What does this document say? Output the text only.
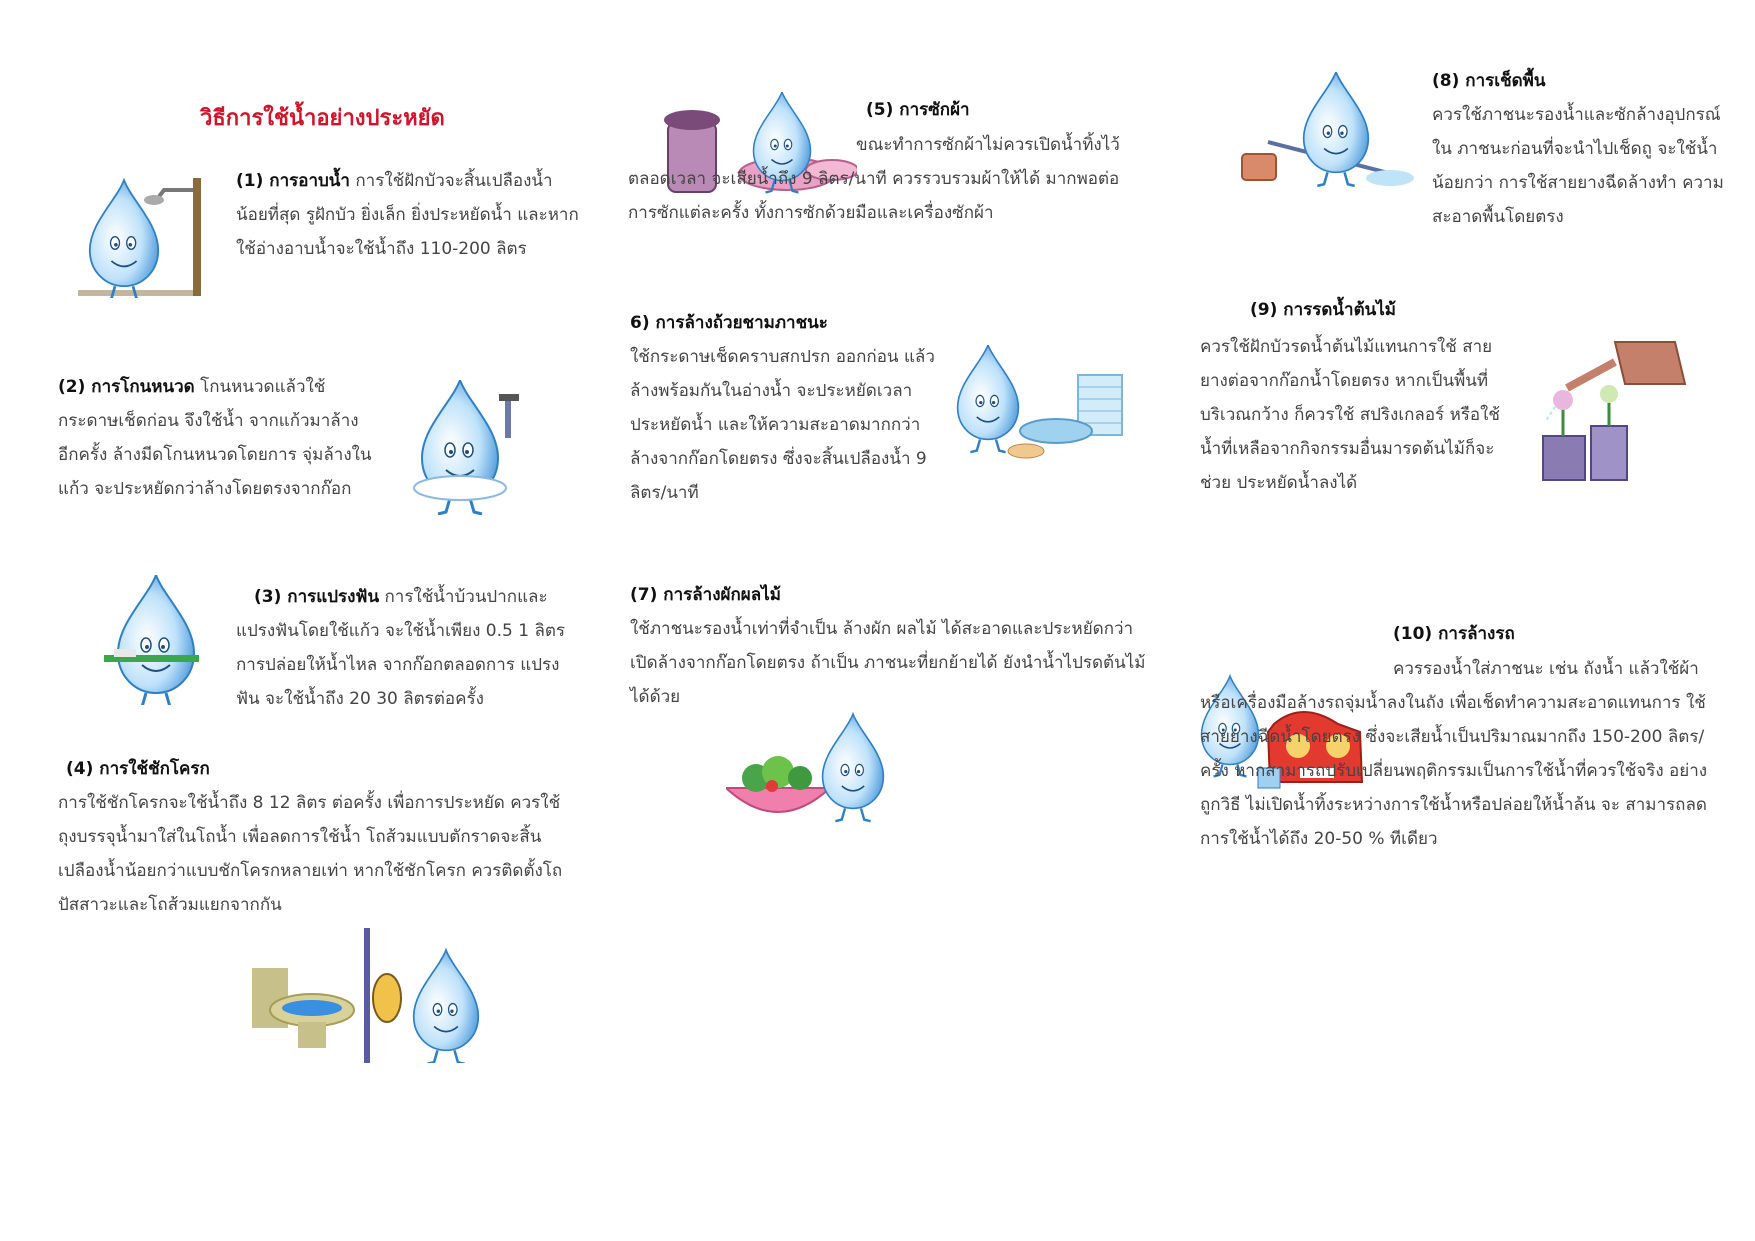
วิธีการใช้น้ำอย่างประหยัด
(1) การอาบน้ำ การใช้ฝักบัวจะสิ้นเปลืองน้ำน้อยที่สุด รูฝักบัว ยิ่งเล็ก ยิ่งประหยัดน้ำ และหากใช้อ่างอาบน้ำจะใช้น้ำถึง 110-200 ลิตร
(2) การโกนหนวด โกนหนวดแล้วใช้กระดาษเช็ดก่อน จึงใช้น้ำ จากแก้วมาล้างอีกครั้ง ล้างมีดโกนหนวดโดยการ จุ่มล้างในแก้ว จะประหยัดกว่าล้างโดยตรงจากก๊อก
(3) การแปรงฟัน การใช้น้ำบ้วนปากและแปรงฟันโดยใช้แก้ว จะใช้น้ำเพียง 0.5 1 ลิตร การปล่อยให้น้ำไหล จากก๊อกตลอดการ แปรงฟัน จะใช้น้ำถึง 20 30 ลิตรต่อครั้ง
(4) การใช้ชักโครก
การใช้ชักโครกจะใช้น้ำถึง 8 12 ลิตร ต่อครั้ง เพื่อการประหยัด ควรใช้ถุงบรรจุน้ำมาใส่ในโถน้ำ เพื่อลดการใช้น้ำ โถส้วมแบบตักราดจะสิ้นเปลืองน้ำน้อยกว่าแบบชักโครกหลายเท่า หากใช้ชักโครก ควรติดตั้งโถปัสสาวะและโถส้วมแยกจากกัน
(5) การซักผ้า
ขณะทำการซักผ้าไม่ควรเปิดน้ำทิ้งไว้ตลอดเวลา จะเสียน้ำถึง 9 ลิตร/นาที ควรรวบรวมผ้าให้ได้ มากพอต่อการซักแต่ละครั้ง ทั้งการซักด้วยมือและเครื่องซักผ้า
6) การล้างถ้วยชามภาชนะ
ใช้กระดาษเช็ดคราบสกปรก ออกก่อน แล้วล้างพร้อมกันในอ่างน้ำ จะประหยัดเวลา ประหยัดน้ำ และให้ความสะอาดมากกว่า ล้างจากก๊อกโดยตรง ซึ่งจะสิ้นเปลืองน้ำ 9 ลิตร/นาที
(7) การล้างผักผลไม้
ใช้ภาชนะรองน้ำเท่าที่จำเป็น ล้างผัก ผลไม้ ได้สะอาดและประหยัดกว่าเปิดล้างจากก๊อกโดยตรง ถ้าเป็น ภาชนะที่ยกย้ายได้ ยังนำน้ำไปรดต้นไม้ได้ด้วย
(8) การเช็ดพื้น
ควรใช้ภาชนะรองน้ำและซักล้างอุปกรณ์ใน ภาชนะก่อนที่จะนำไปเช็ดถู จะใช้น้ำน้อยกว่า การใช้สายยางฉีดล้างทำ ความสะอาดพื้นโดยตรง
(9) การรดน้ำต้นไม้
ควรใช้ฝักบัวรดน้ำต้นไม้แทนการใช้ สายยางต่อจากก๊อกน้ำโดยตรง หากเป็นพื้นที่บริเวณกว้าง ก็ควรใช้ สปริงเกลอร์ หรือใช้น้ำที่เหลือจากกิจกรรมอื่นมารดต้นไม้ก็จะช่วย ประหยัดน้ำลงได้
(10) การล้างรถ
ควรรองน้ำใส่ภาชนะ เช่น ถังน้ำ แล้วใช้ผ้าหรือเครื่องมือล้างรถจุ่มน้ำลงในถัง เพื่อเช็ดทำความสะอาดแทนการ ใช้สายยางฉีดน้ำโดยตรง ซึ่งจะเสียน้ำเป็นปริมาณมากถึง 150-200 ลิตร/ครั้ง หากสามารถปรับเปลี่ยนพฤติกรรมเป็นการใช้น้ำที่ควรใช้จริง อย่างถูกวิธี ไม่เปิดน้ำทิ้งระหว่างการใช้น้ำหรือปล่อยให้น้ำล้น จะ สามารถลดการใช้น้ำได้ถึง 20-50 % ทีเดียว
